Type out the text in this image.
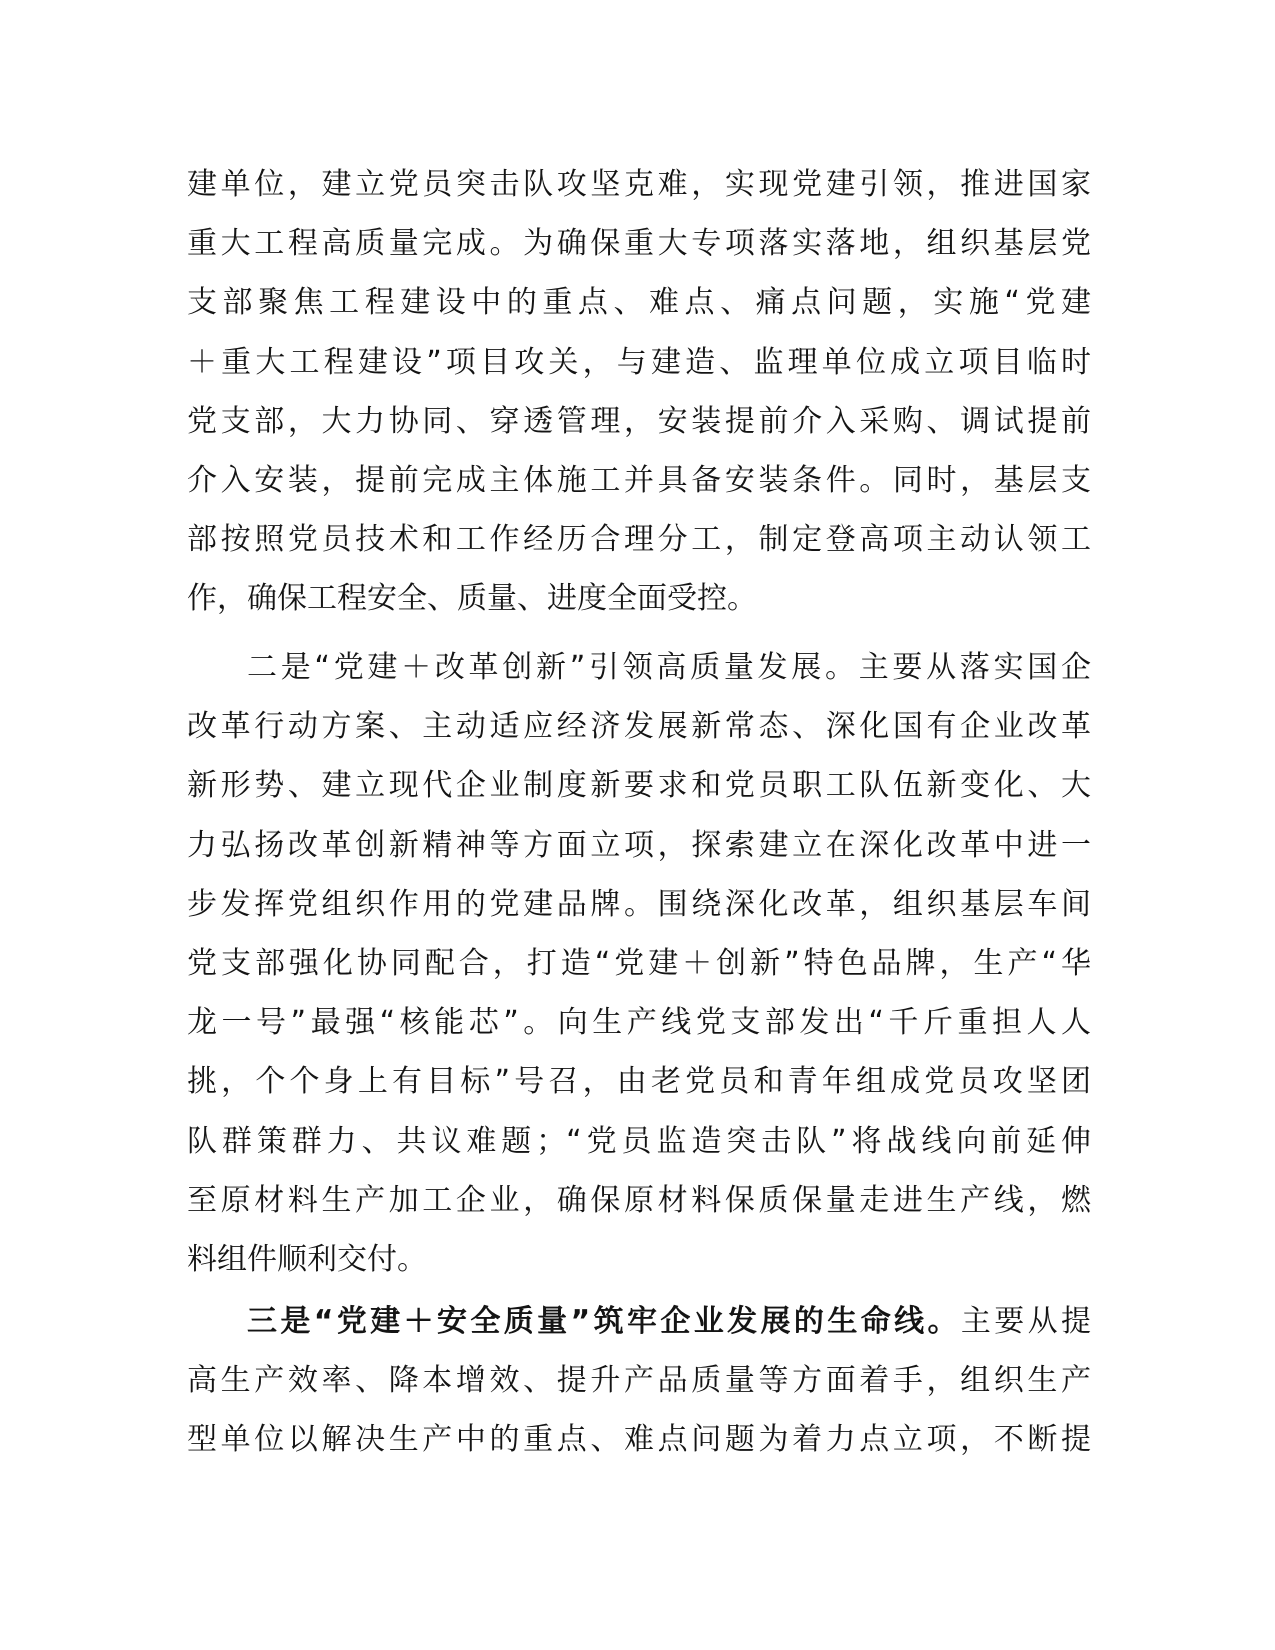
建单位，建立党员突击队攻坚克难，实现党建引领，推进国家
重大工程高质量完成。为确保重大专项落实落地，组织基层党
支部聚焦工程建设中的重点、难点、痛点问题，实施“党建
＋重大工程建设”项目攻关，与建造、监理单位成立项目临时
党支部，大力协同、穿透管理，安装提前介入采购、调试提前
介入安装，提前完成主体施工并具备安装条件。同时，基层支
部按照党员技术和工作经历合理分工，制定登高项主动认领工
作，确保工程安全、质量、进度全面受控。
二是“党建＋改革创新”引领高质量发展。主要从落实国企
改革行动方案、主动适应经济发展新常态、深化国有企业改革
新形势、建立现代企业制度新要求和党员职工队伍新变化、大
力弘扬改革创新精神等方面立项，探索建立在深化改革中进一
步发挥党组织作用的党建品牌。围绕深化改革，组织基层车间
党支部强化协同配合，打造“党建＋创新”特色品牌，生产“华
龙一号”最强“核能芯”。向生产线党支部发出“千斤重担人人
挑，个个身上有目标”号召，由老党员和青年组成党员攻坚团
队群策群力、共议难题；“党员监造突击队”将战线向前延伸
至原材料生产加工企业，确保原材料保质保量走进生产线，燃
料组件顺利交付。
三是“党建＋安全质量”筑牢企业发展的生命线。主要从提
高生产效率、降本增效、提升产品质量等方面着手，组织生产
型单位以解决生产中的重点、难点问题为着力点立项，不断提
